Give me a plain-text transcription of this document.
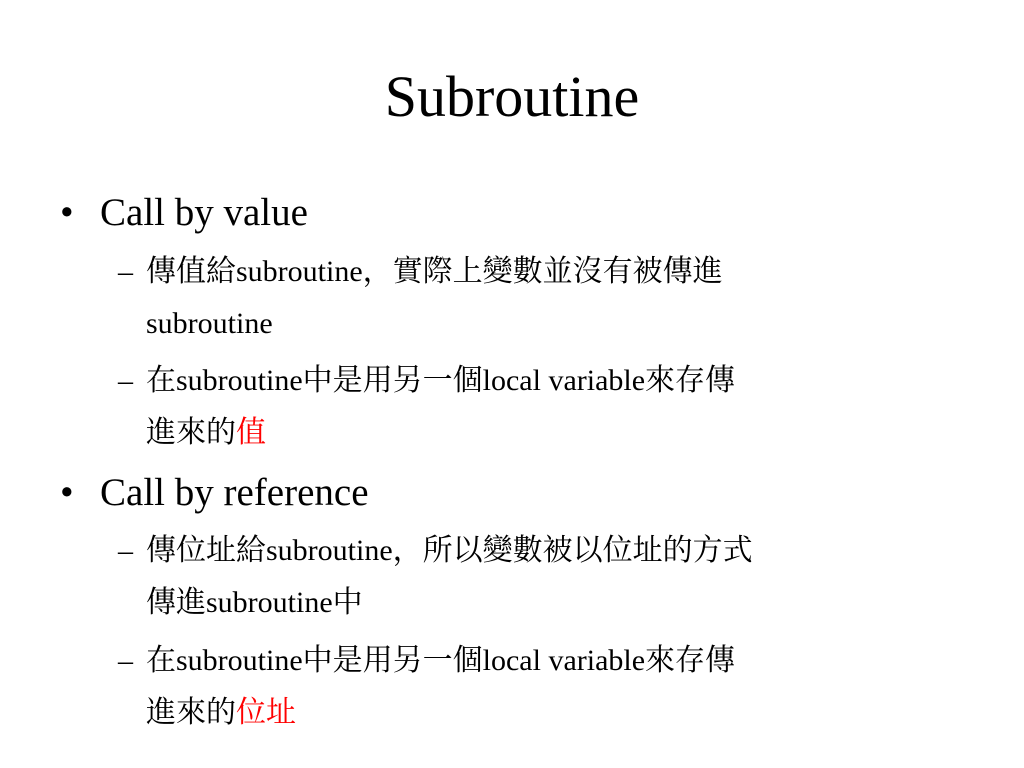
Subroutine
• Call by value
– 傳值給subroutine，實際上變數並沒有被傳進
subroutine
– 在subroutine中是用另一個local variable來存傳
進來的值
• Call by reference
– 傳位址給subroutine，所以變數被以位址的方式
傳進subroutine中
– 在subroutine中是用另一個local variable來存傳
進來的位址
